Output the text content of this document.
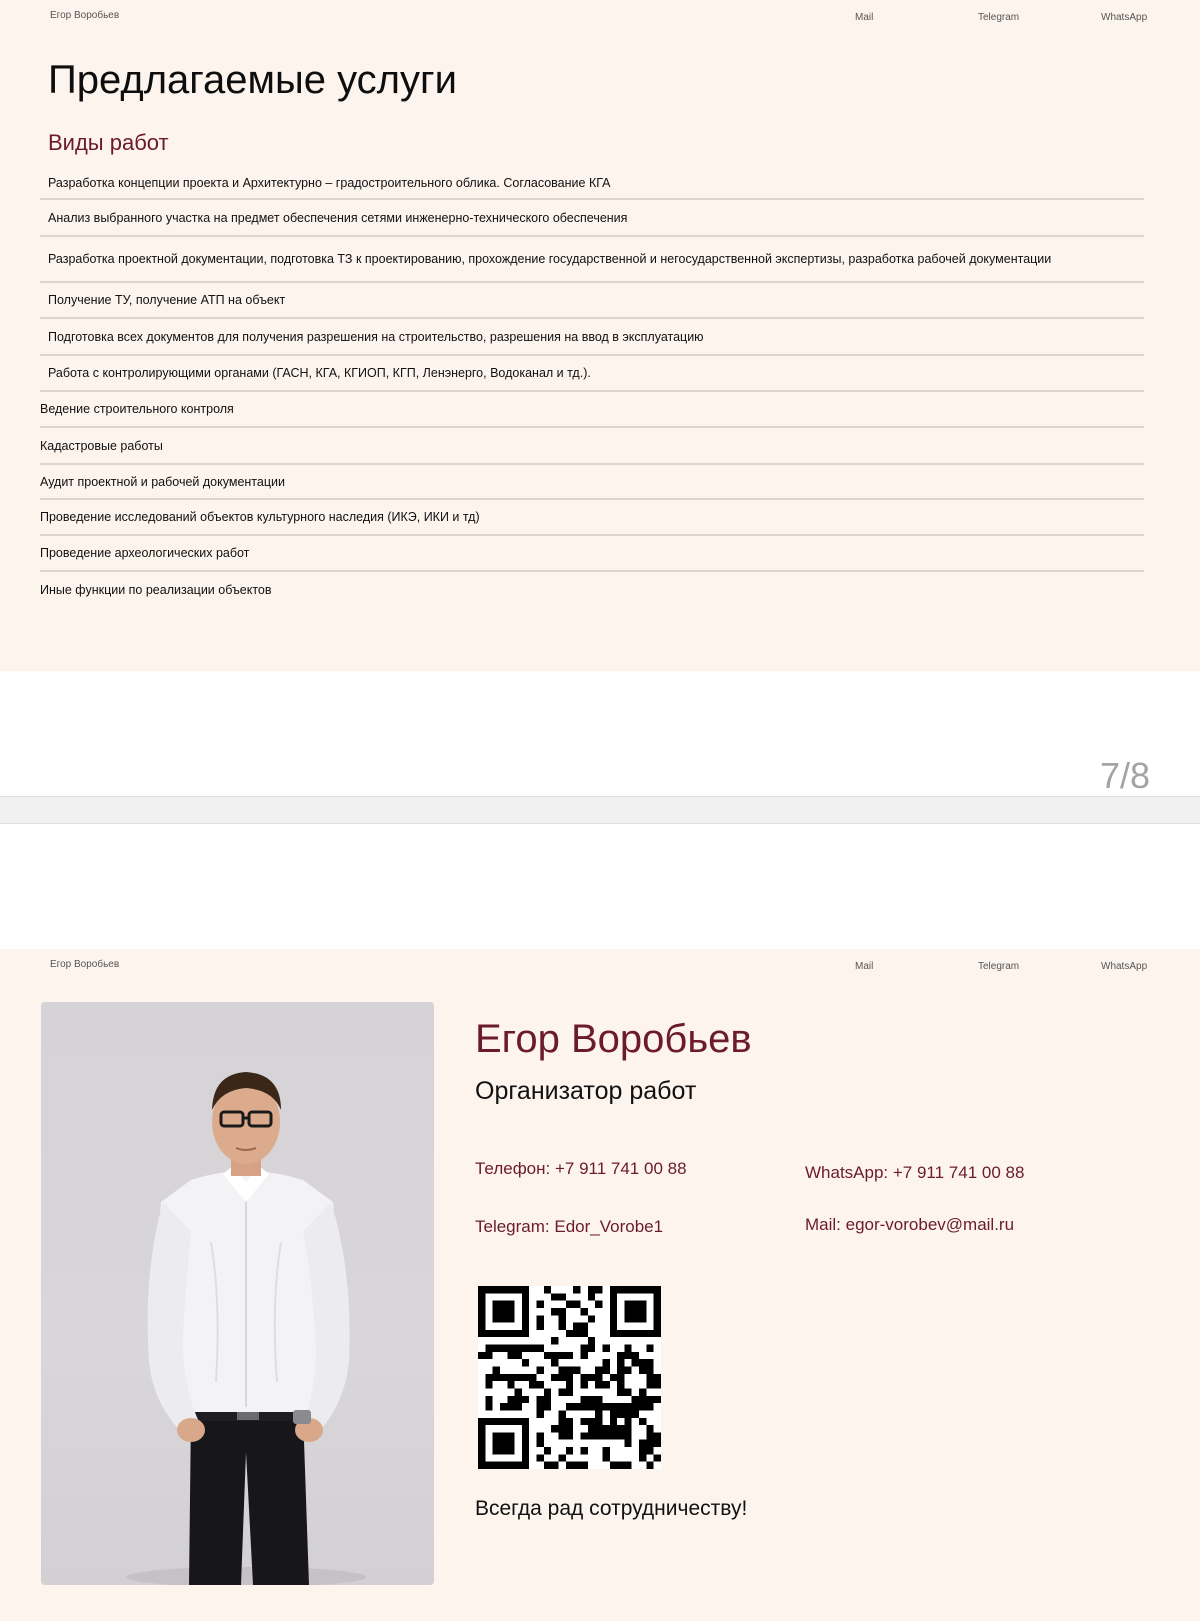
Егор Воробьев	Mail	Telegram	WhatsApp
Предлагаемые услуги
Виды работ
Разработка концепции проекта и Архитектурно – градостроительного облика. Согласование КГА
Анализ выбранного участка на предмет обеспечения сетями инженерно-технического обеспечения
Разработка проектной документации, подготовка ТЗ к проектированию, прохождение государственной и негосударственной экспертизы, разработка рабочей документации
Получение ТУ, получение АТП на объект
Подготовка всех документов для получения разрешения на строительство, разрешения на ввод в эксплуатацию
Работа с контролирующими органами (ГАСН, КГА, КГИОП, КГП, Ленэнерго, Водоканал и тд.).
Ведение строительного контроля
Кадастровые работы
Аудит проектной и рабочей документации
Проведение исследований объектов культурного наследия (ИКЭ, ИКИ и тд)
Проведение археологических работ
Иные функции по реализации объектов
7/8
Егор Воробьев	Mail	Telegram	WhatsApp
Егор Воробьев
Организатор работ
Телефон: +7 911 741 00 88	WhatsApp: +7 911 741 00 88
Telegram: Edor_Vorobe1	Mail: egor-vorobev@mail.ru
Всегда рад сотрудничеству!
